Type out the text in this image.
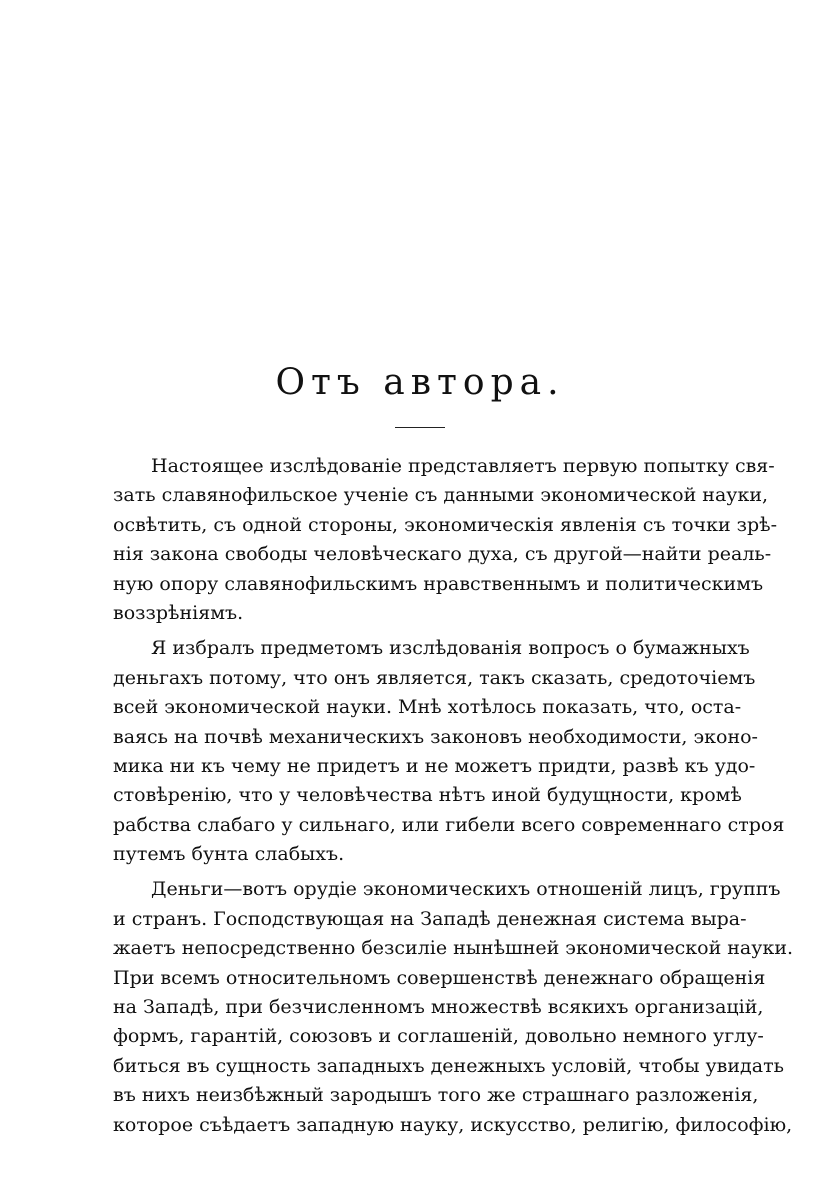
Отъ автора.
Настоящее изслѣдованіе представляетъ первую попытку свя-
зать славянофильское ученіе съ данными экономической науки,
освѣтить, съ одной стороны, экономическія явленія съ точки зрѣ-
нія закона свободы человѣческаго духа, съ другой—найти реаль-
ную опору славянофильскимъ нравственнымъ и политическимъ
воззрѣніямъ.
Я избралъ предметомъ изслѣдованія вопросъ о бумажныхъ
деньгахъ потому, что онъ является, такъ сказать, средоточіемъ
всей экономической науки. Мнѣ хотѣлось показать, что, оста-
ваясь на почвѣ механическихъ законовъ необходимости, эконо-
мика ни къ чему не придетъ и не можетъ придти, развѣ къ удо-
стовѣренію, что у человѣчества нѣтъ иной будущности, кромѣ
рабства слабаго у сильнаго, или гибели всего современнаго строя
путемъ бунта слабыхъ.
Деньги—вотъ орудіе экономическихъ отношеній лицъ, группъ
и странъ. Господствующая на Западѣ денежная система выра-
жаетъ непосредственно безсиліе нынѣшней экономической науки.
При всемъ относительномъ совершенствѣ денежнаго обращенія
на Западѣ, при безчисленномъ множествѣ всякихъ организацій,
формъ, гарантій, союзовъ и соглашеній, довольно немного углу-
биться въ сущность западныхъ денежныхъ условій, чтобы увидать
въ нихъ неизбѣжный зародышъ того же страшнаго разложенія,
которое съѣдаетъ западную науку, искусство, религію, философію,
